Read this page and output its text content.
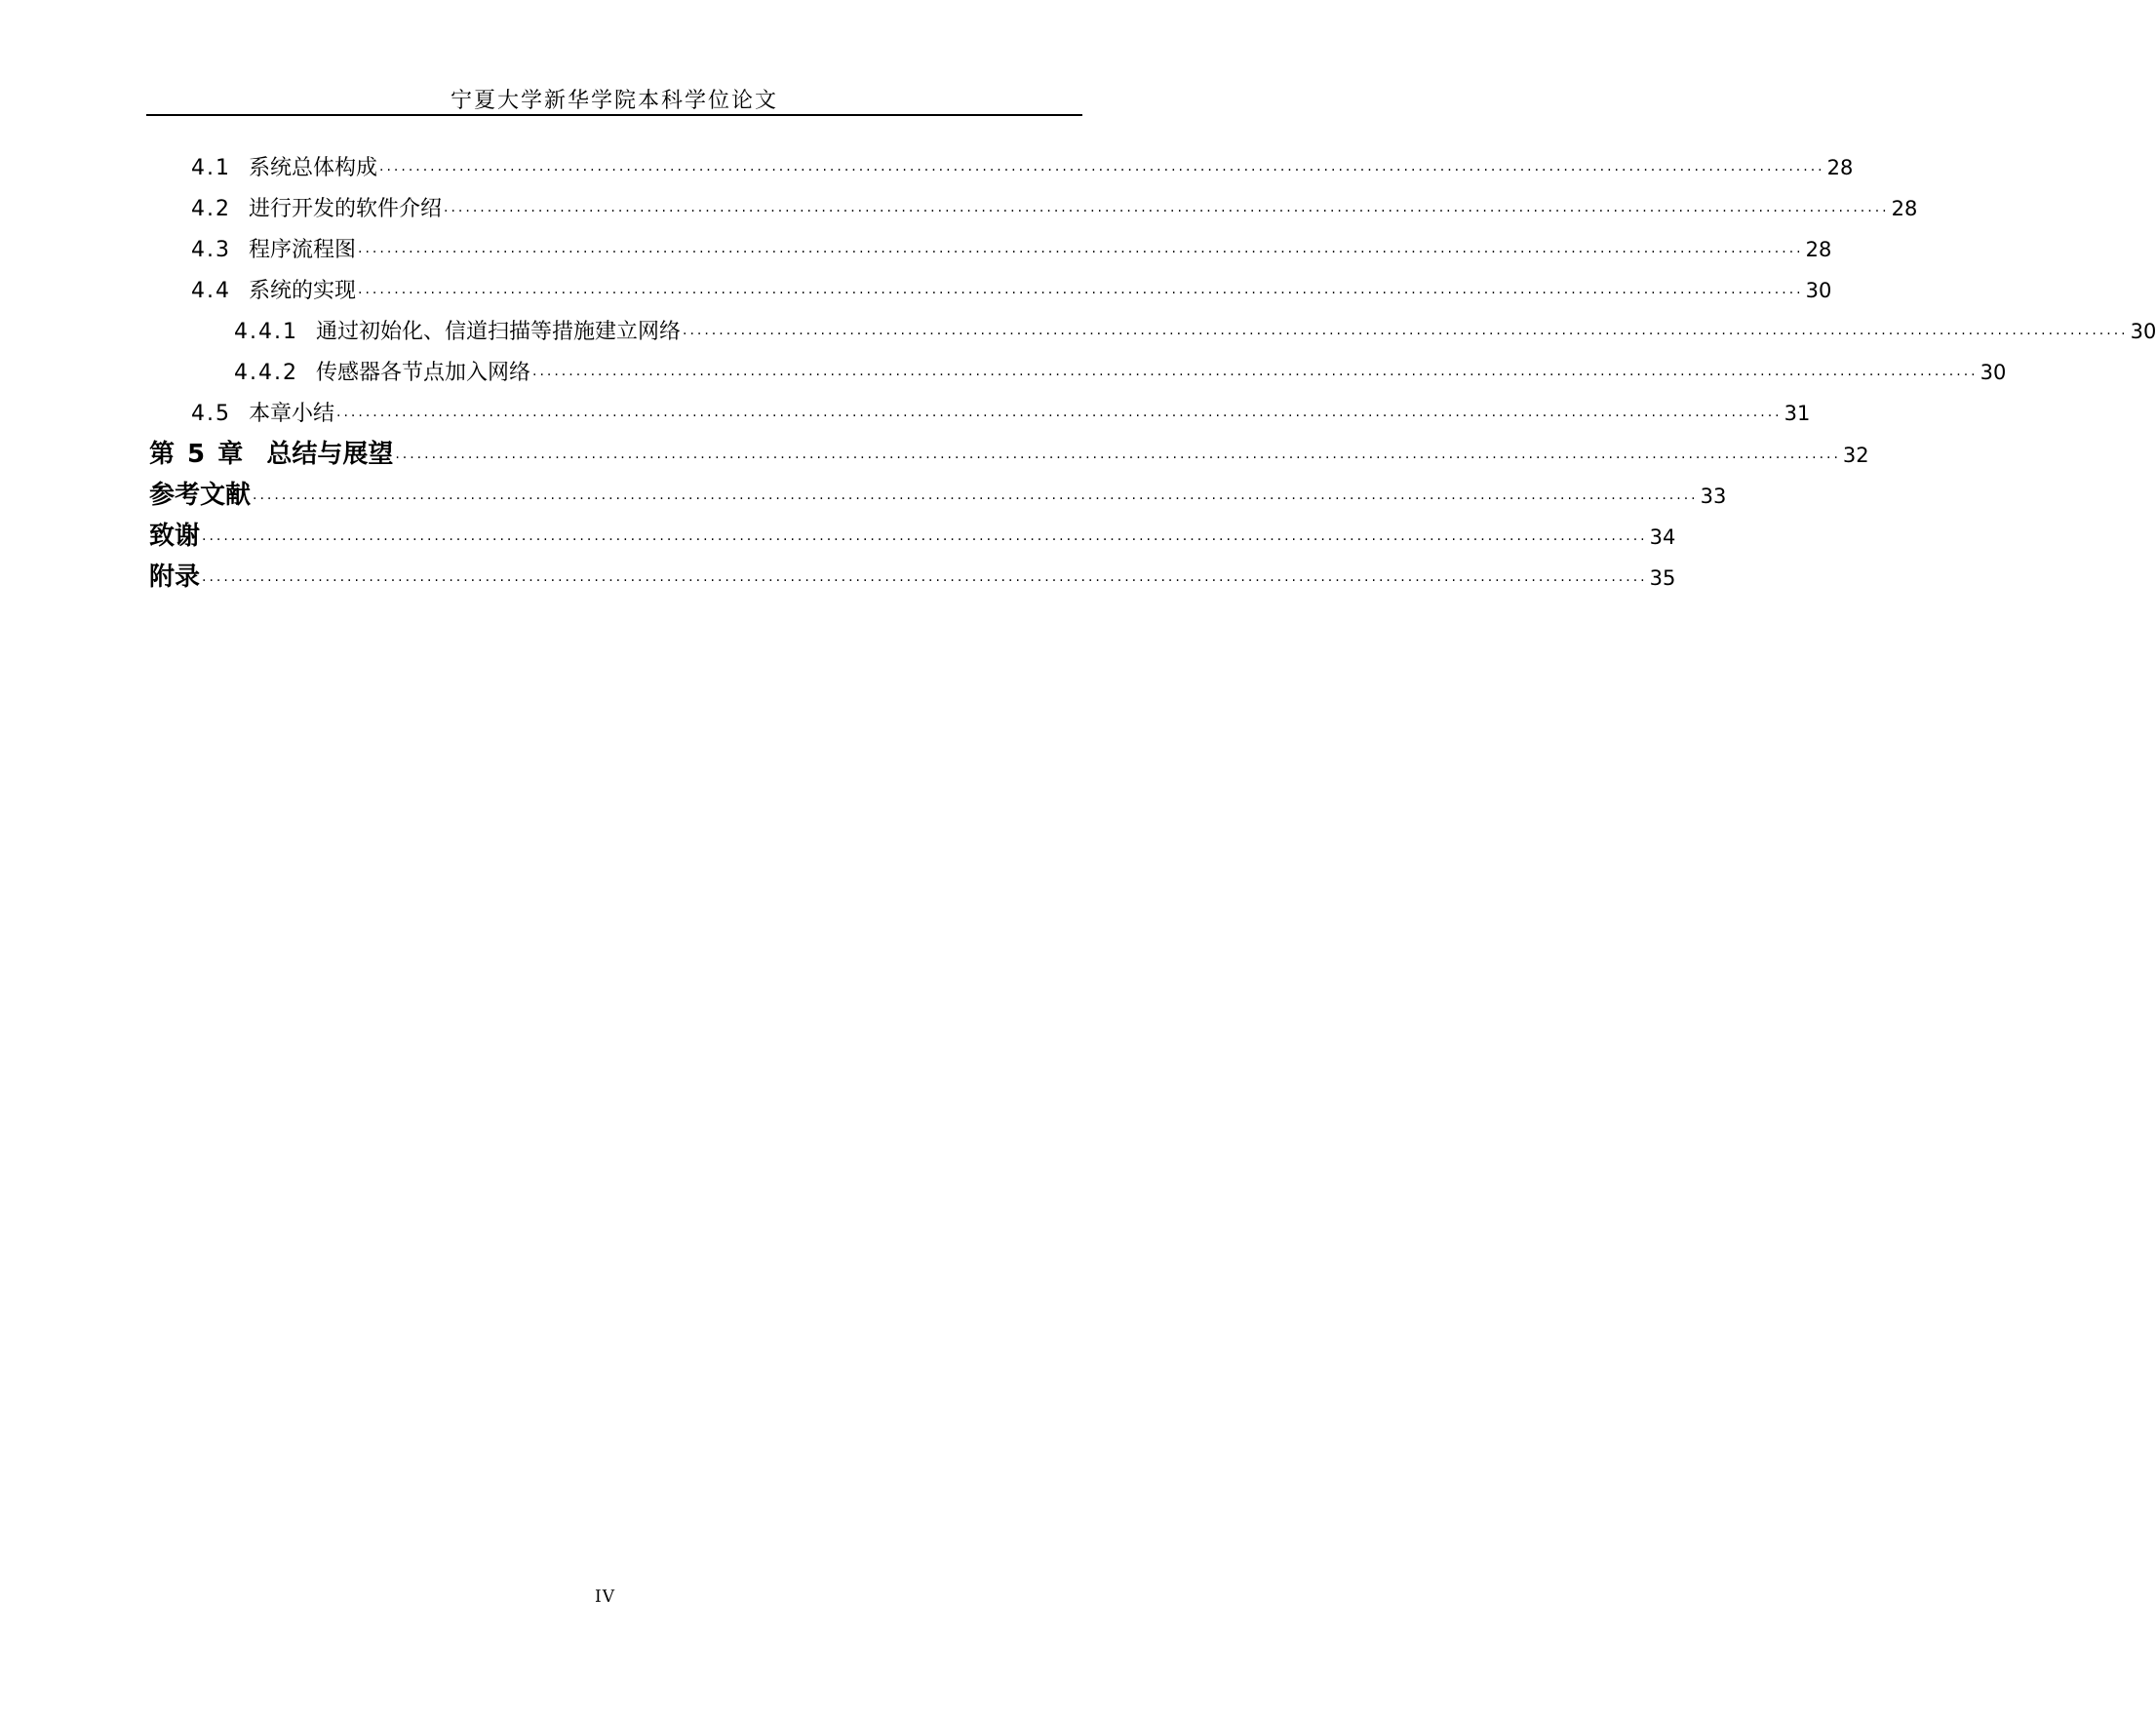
宁夏大学新华学院本科学位论文
4.1
系统总体构成 ······································································································································································································· 28
4.2
进行开发的软件介绍 ······································································································································································································· 28
4.3
程序流程图 ······································································································································································································· 28
4.4
系统的实现 ······································································································································································································· 30
4.4.1
通过初始化、信道扫描等措施建立网络 ······································································································································································································· 30
4.4.2
传感器各节点加入网络 ······································································································································································································· 30
4.5
本章小结 ······································································································································································································· 31
第 5 章
总结与展望 ······································································································································································································· 32
参考文献 ······································································································································································································· 33
致谢 ······································································································································································································· 34
附录 ······································································································································································································· 35
IV
